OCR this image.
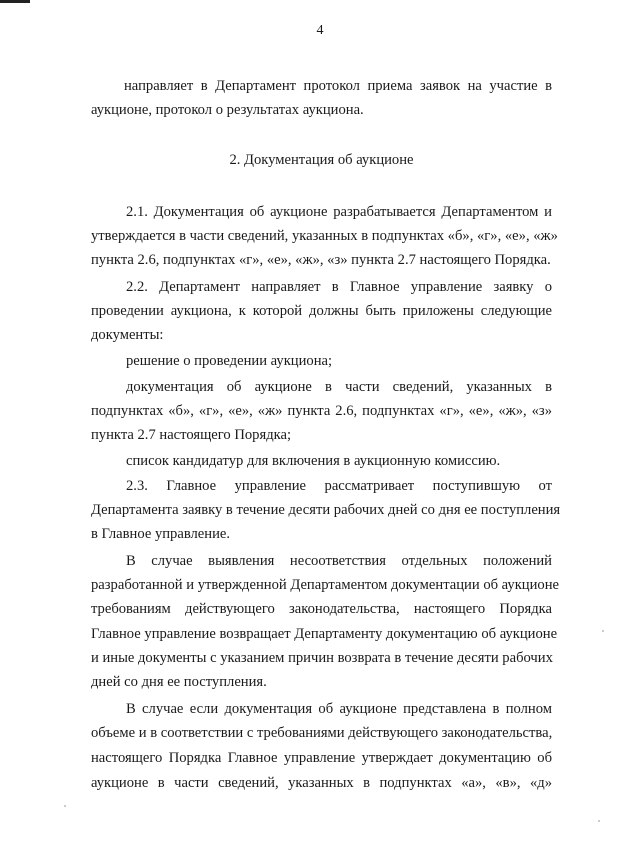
4
направляет в Департамент протокол приема заявок на участие в
аукционе, протокол о результатах аукциона.
2. Документация об аукционе
2.1. Документация об аукционе разрабатывается Департаментом и
утверждается в части сведений, указанных в подпунктах «б», «г», «е», «ж»
пункта 2.6, подпунктах «г», «е», «ж», «з» пункта 2.7 настоящего Порядка.
2.2. Департамент направляет в Главное управление заявку о
проведении аукциона, к которой должны быть приложены следующие
документы:
решение о проведении аукциона;
документация об аукционе в части сведений, указанных в
подпунктах «б», «г», «е», «ж» пункта 2.6, подпунктах «г», «е», «ж», «з»
пункта 2.7 настоящего Порядка;
список кандидатур для включения в аукционную комиссию.
2.3. Главное управление рассматривает поступившую от
Департамента заявку в течение десяти рабочих дней со дня ее поступления
в Главное управление.
В случае выявления несоответствия отдельных положений
разработанной и утвержденной Департаментом документации об аукционе
требованиям действующего законодательства, настоящего Порядка
Главное управление возвращает Департаменту документацию об аукционе
и иные документы с указанием причин возврата в течение десяти рабочих
дней со дня ее поступления.
В случае если документация об аукционе представлена в полном
объеме и в соответствии с требованиями действующего законодательства,
настоящего Порядка Главное управление утверждает документацию об
аукционе в части сведений, указанных в подпунктах «а», «в», «д»
